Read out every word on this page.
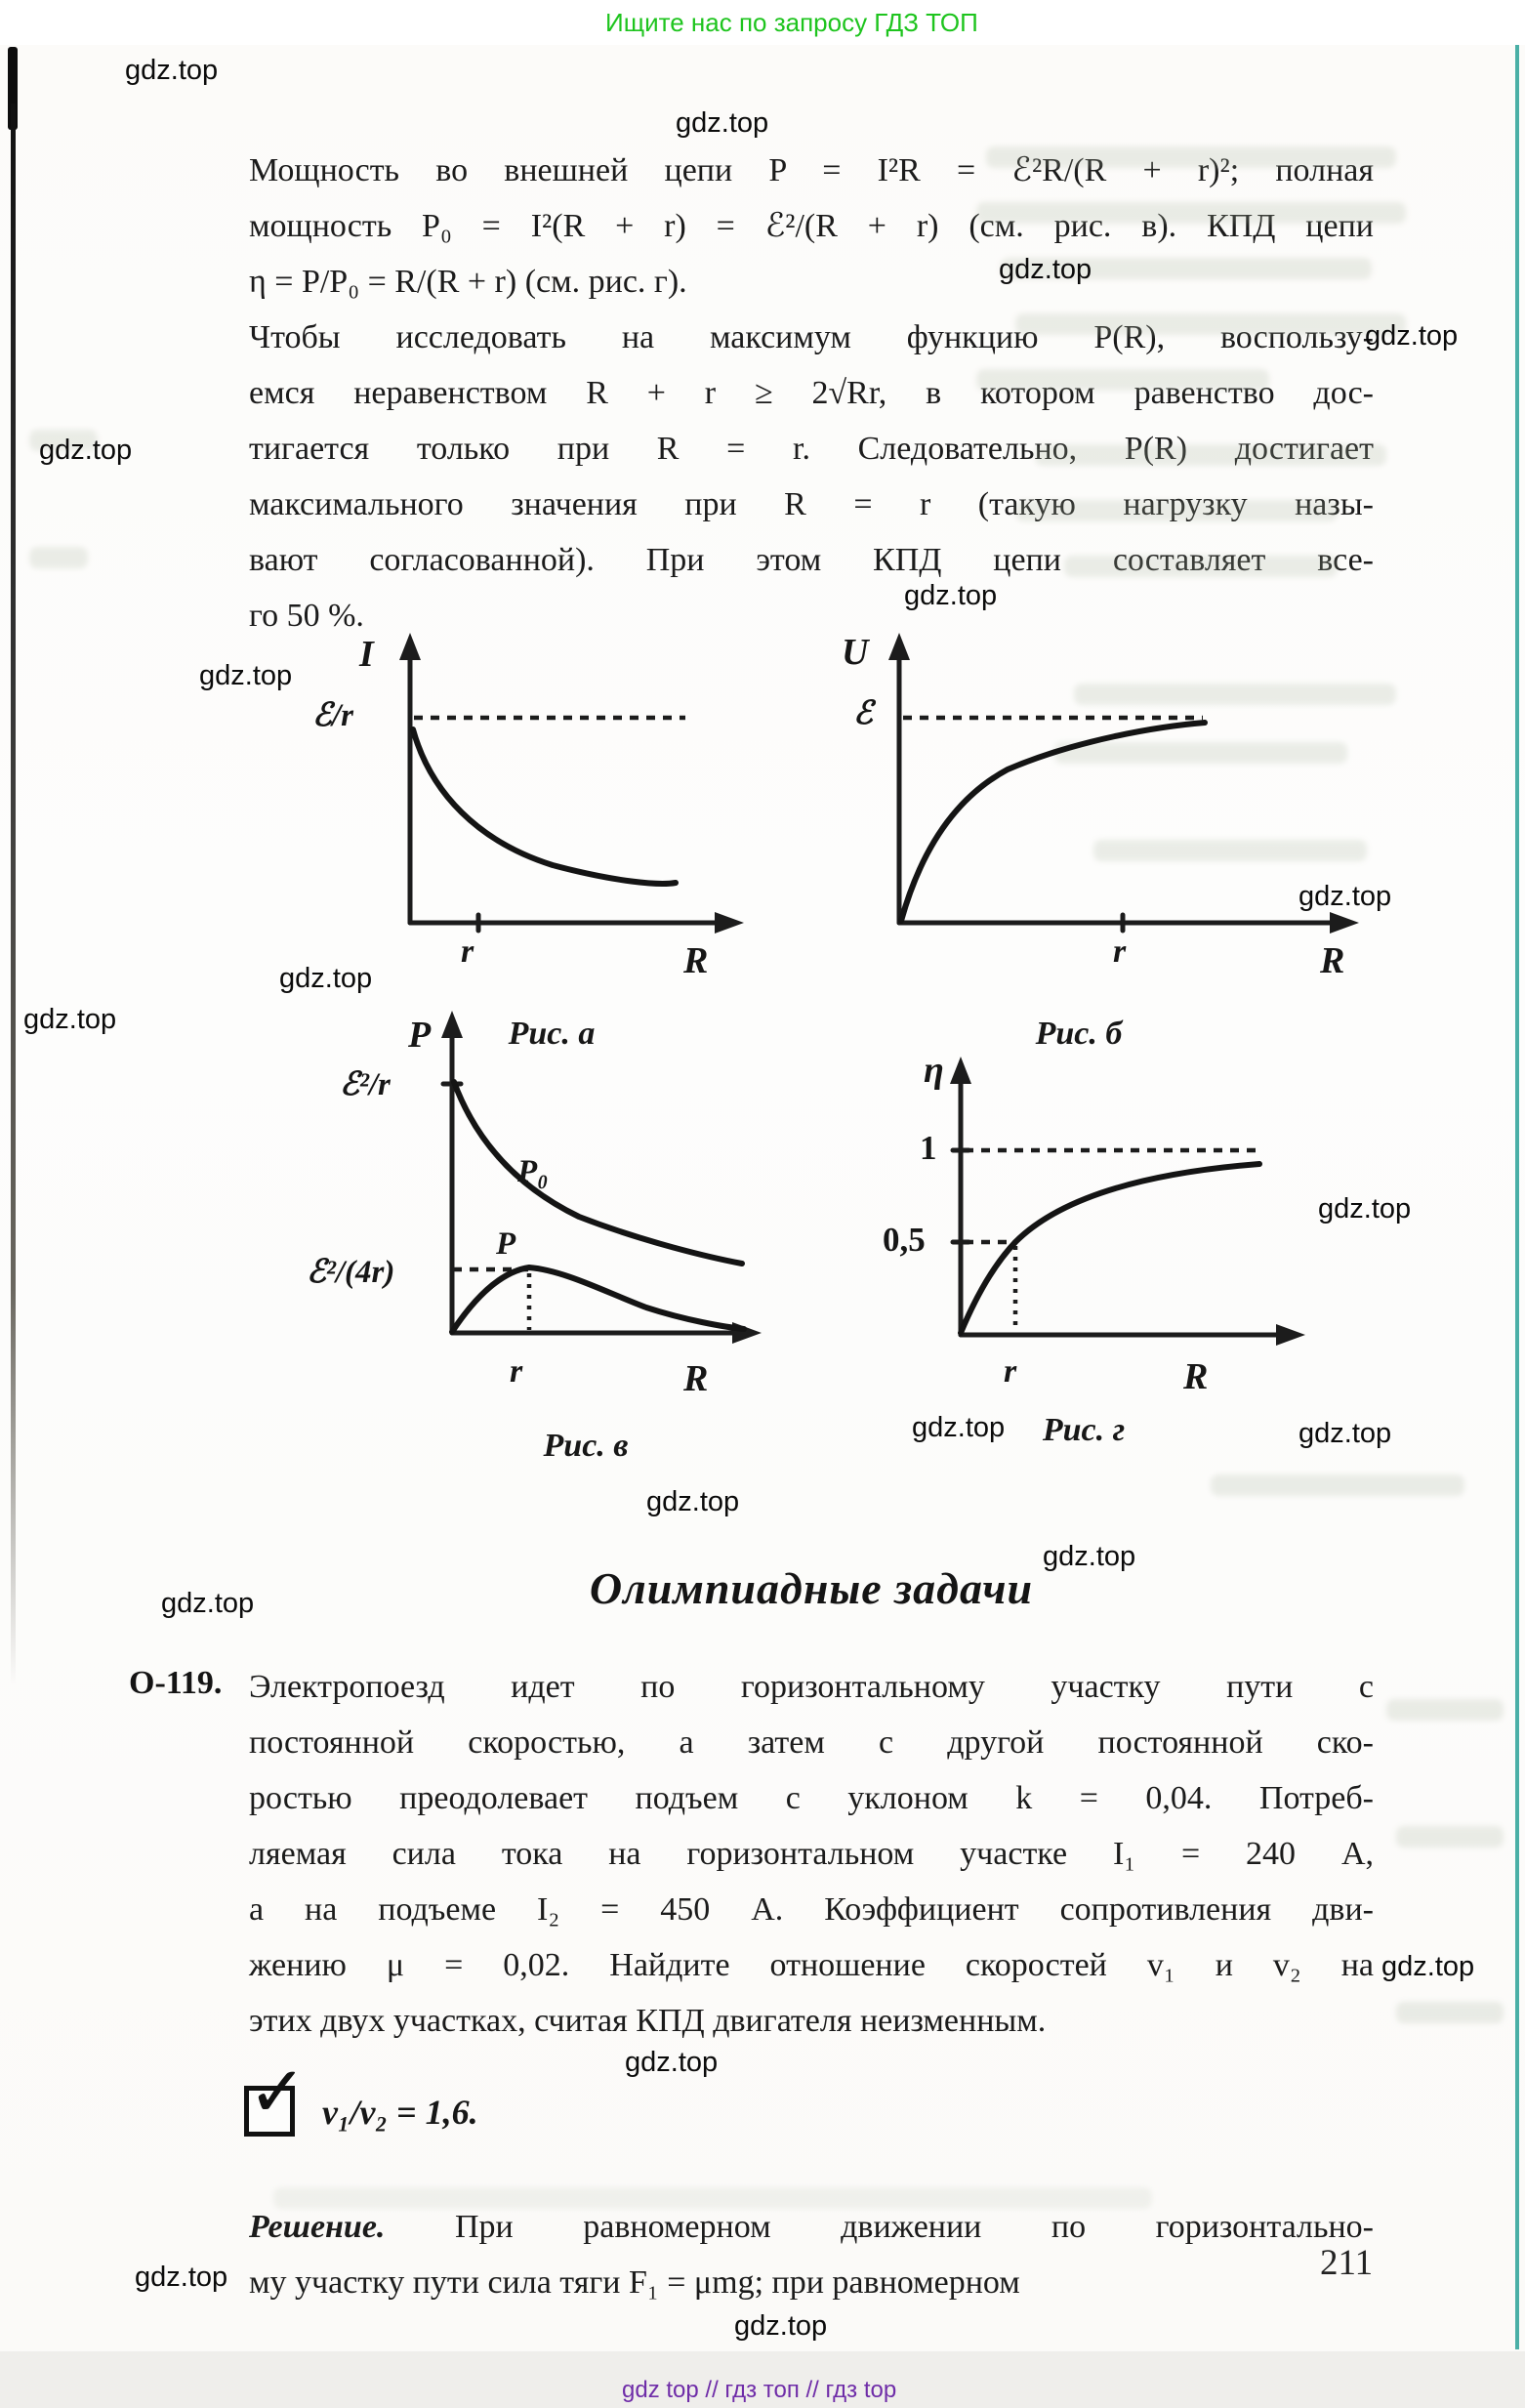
Ищите нас по запросу ГДЗ ТОП
Мощность во внешней цепи P = I²R = ℰ²R/(R + r)²; полная
мощность P₀ = I²(R + r) = ℰ²/(R + r) (см. рис. в). КПД цепи
η = P/P₀ = R/(R + r) (см. рис. г).
Чтобы исследовать на максимум функцию P(R), воспользу-
емся неравенством R + r ≥ 2√Rr, в котором равенство дос-
тигается только при R = r. Следовательно, P(R) достигает
максимального значения при R = r (такую нагрузку назы-
вают согласованной). При этом КПД цепи составляет все-
го 50 %.
I
ℰ/r
r	R
Рис. а
U
ℰ
r	R
Рис. б
P
ℰ²/r
P₀
ℰ²/(4r)
P
r	R
Рис. в
η
1
0,5
r	R
Рис. г
Олимпиадные задачи
О-119. Электропоезд идет по горизонтальному участку пути с
постоянной скоростью, а затем с другой постоянной ско-
ростью преодолевает подъем с уклоном k = 0,04. Потреб-
ляемая сила тока на горизонтальном участке I₁ = 240 А,
а на подъеме I₂ = 450 А. Коэффициент сопротивления дви-
жению μ = 0,02. Найдите отношение скоростей v₁ и v₂ на
этих двух участках, считая КПД двигателя неизменным.
✓ v₁/v₂ = 1,6.
Решение. При равномерном движении по горизонтально-
му участку пути сила тяги F₁ = μmg; при равномерном	211
gdz top // гдз топ // гдз top
gdz.top
gdz.top
gdz.top
gdz.top
gdz.top
gdz.top
gdz.top
gdz.top
gdz.top
gdz.top
gdz.top
gdz.top	gdz.top
gdz.top
gdz.top
gdz.top
gdz.top
gdz.top
gdz.top
gdz.top
